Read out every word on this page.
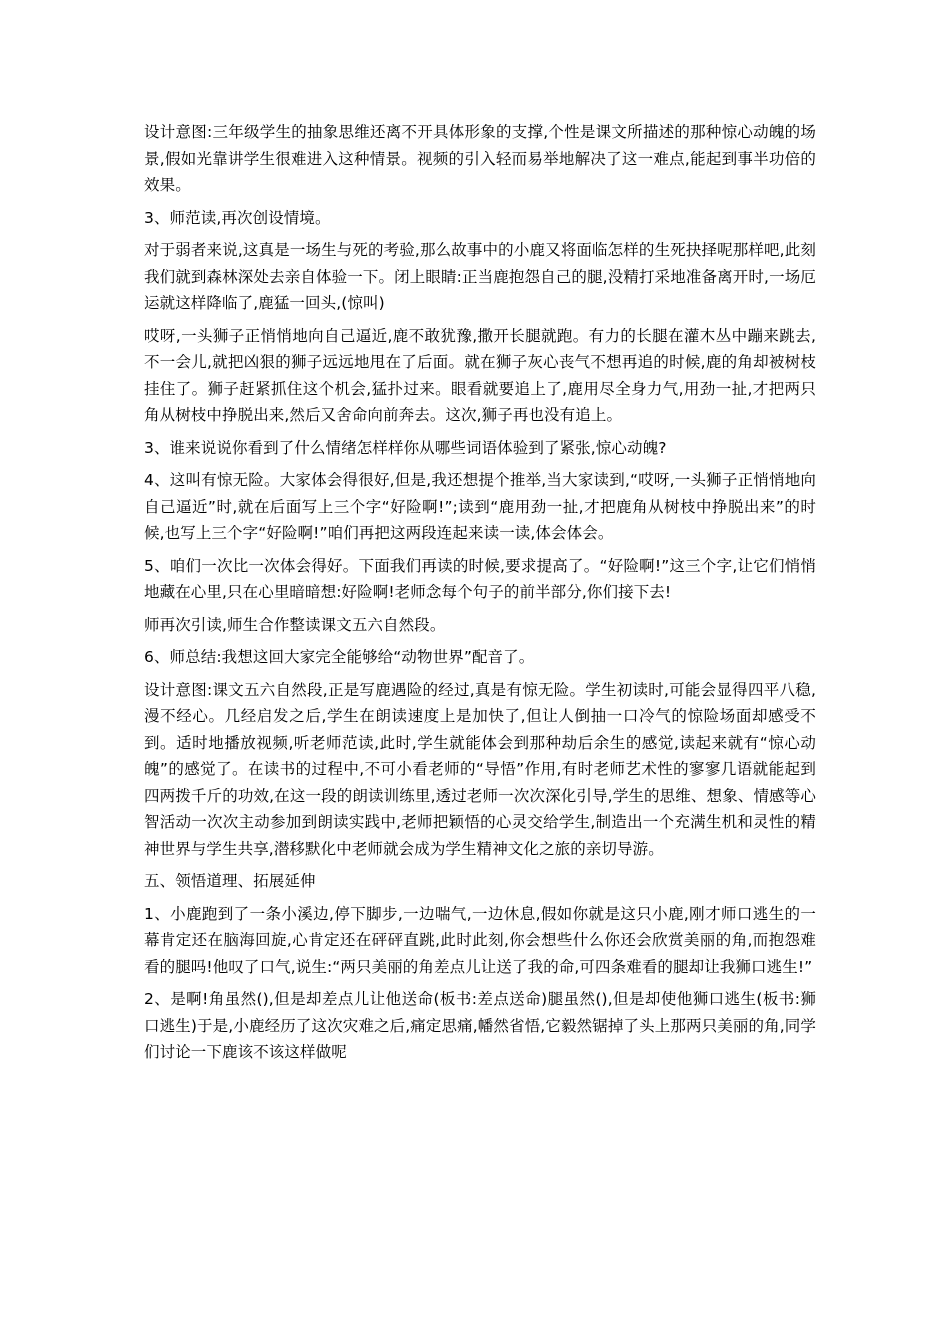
设计意图:三年级学生的抽象思维还离不开具体形象的支撑,个性是课文所描述的那种惊心动魄的场景,假如光靠讲学生很难进入这种情景。视频的引入轻而易举地解决了这一难点,能起到事半功倍的效果。

3、师范读,再次创设情境。

对于弱者来说,这真是一场生与死的考验,那么故事中的小鹿又将面临怎样的生死抉择呢那样吧,此刻我们就到森林深处去亲自体验一下。闭上眼睛:正当鹿抱怨自己的腿,没精打采地准备离开时,一场厄运就这样降临了,鹿猛一回头,(惊叫)

哎呀,一头狮子正悄悄地向自己逼近,鹿不敢犹豫,撒开长腿就跑。有力的长腿在灌木丛中蹦来跳去,不一会儿,就把凶狠的狮子远远地甩在了后面。就在狮子灰心丧气不想再追的时候,鹿的角却被树枝挂住了。狮子赶紧抓住这个机会,猛扑过来。眼看就要追上了,鹿用尽全身力气,用劲一扯,才把两只角从树枝中挣脱出来,然后又舍命向前奔去。这次,狮子再也没有追上。

3、谁来说说你看到了什么情绪怎样样你从哪些词语体验到了紧张,惊心动魄?

4、这叫有惊无险。大家体会得很好,但是,我还想提个推举,当大家读到,“哎呀,一头狮子正悄悄地向自己逼近”时,就在后面写上三个字“好险啊!”;读到“鹿用劲一扯,才把鹿角从树枝中挣脱出来”的时候,也写上三个字“好险啊!”咱们再把这两段连起来读一读,体会体会。

5、咱们一次比一次体会得好。下面我们再读的时候,要求提高了。“好险啊!”这三个字,让它们悄悄地藏在心里,只在心里暗暗想:好险啊!老师念每个句子的前半部分,你们接下去!

师再次引读,师生合作整读课文五六自然段。

6、师总结:我想这回大家完全能够给“动物世界”配音了。

设计意图:课文五六自然段,正是写鹿遇险的经过,真是有惊无险。学生初读时,可能会显得四平八稳,漫不经心。几经启发之后,学生在朗读速度上是加快了,但让人倒抽一口冷气的惊险场面却感受不到。适时地播放视频,听老师范读,此时,学生就能体会到那种劫后余生的感觉,读起来就有“惊心动魄”的感觉了。在读书的过程中,不可小看老师的“导悟”作用,有时老师艺术性的寥寥几语就能起到四两拨千斤的功效,在这一段的朗读训练里,透过老师一次次深化引导,学生的思维、想象、情感等心智活动一次次主动参加到朗读实践中,老师把颖悟的心灵交给学生,制造出一个充满生机和灵性的精神世界与学生共享,潜移默化中老师就会成为学生精神文化之旅的亲切导游。

五、领悟道理、拓展延伸

1、小鹿跑到了一条小溪边,停下脚步,一边喘气,一边休息,假如你就是这只小鹿,刚才师口逃生的一幕肯定还在脑海回旋,心肯定还在砰砰直跳,此时此刻,你会想些什么你还会欣赏美丽的角,而抱怨难看的腿吗!他叹了口气,说生:“两只美丽的角差点儿让送了我的命,可四条难看的腿却让我狮口逃生!”

2、是啊!角虽然(),但是却差点儿让他送命(板书:差点送命)腿虽然(),但是却使他狮口逃生(板书:狮口逃生)于是,小鹿经历了这次灾难之后,痛定思痛,幡然省悟,它毅然锯掉了头上那两只美丽的角,同学们讨论一下鹿该不该这样做呢
